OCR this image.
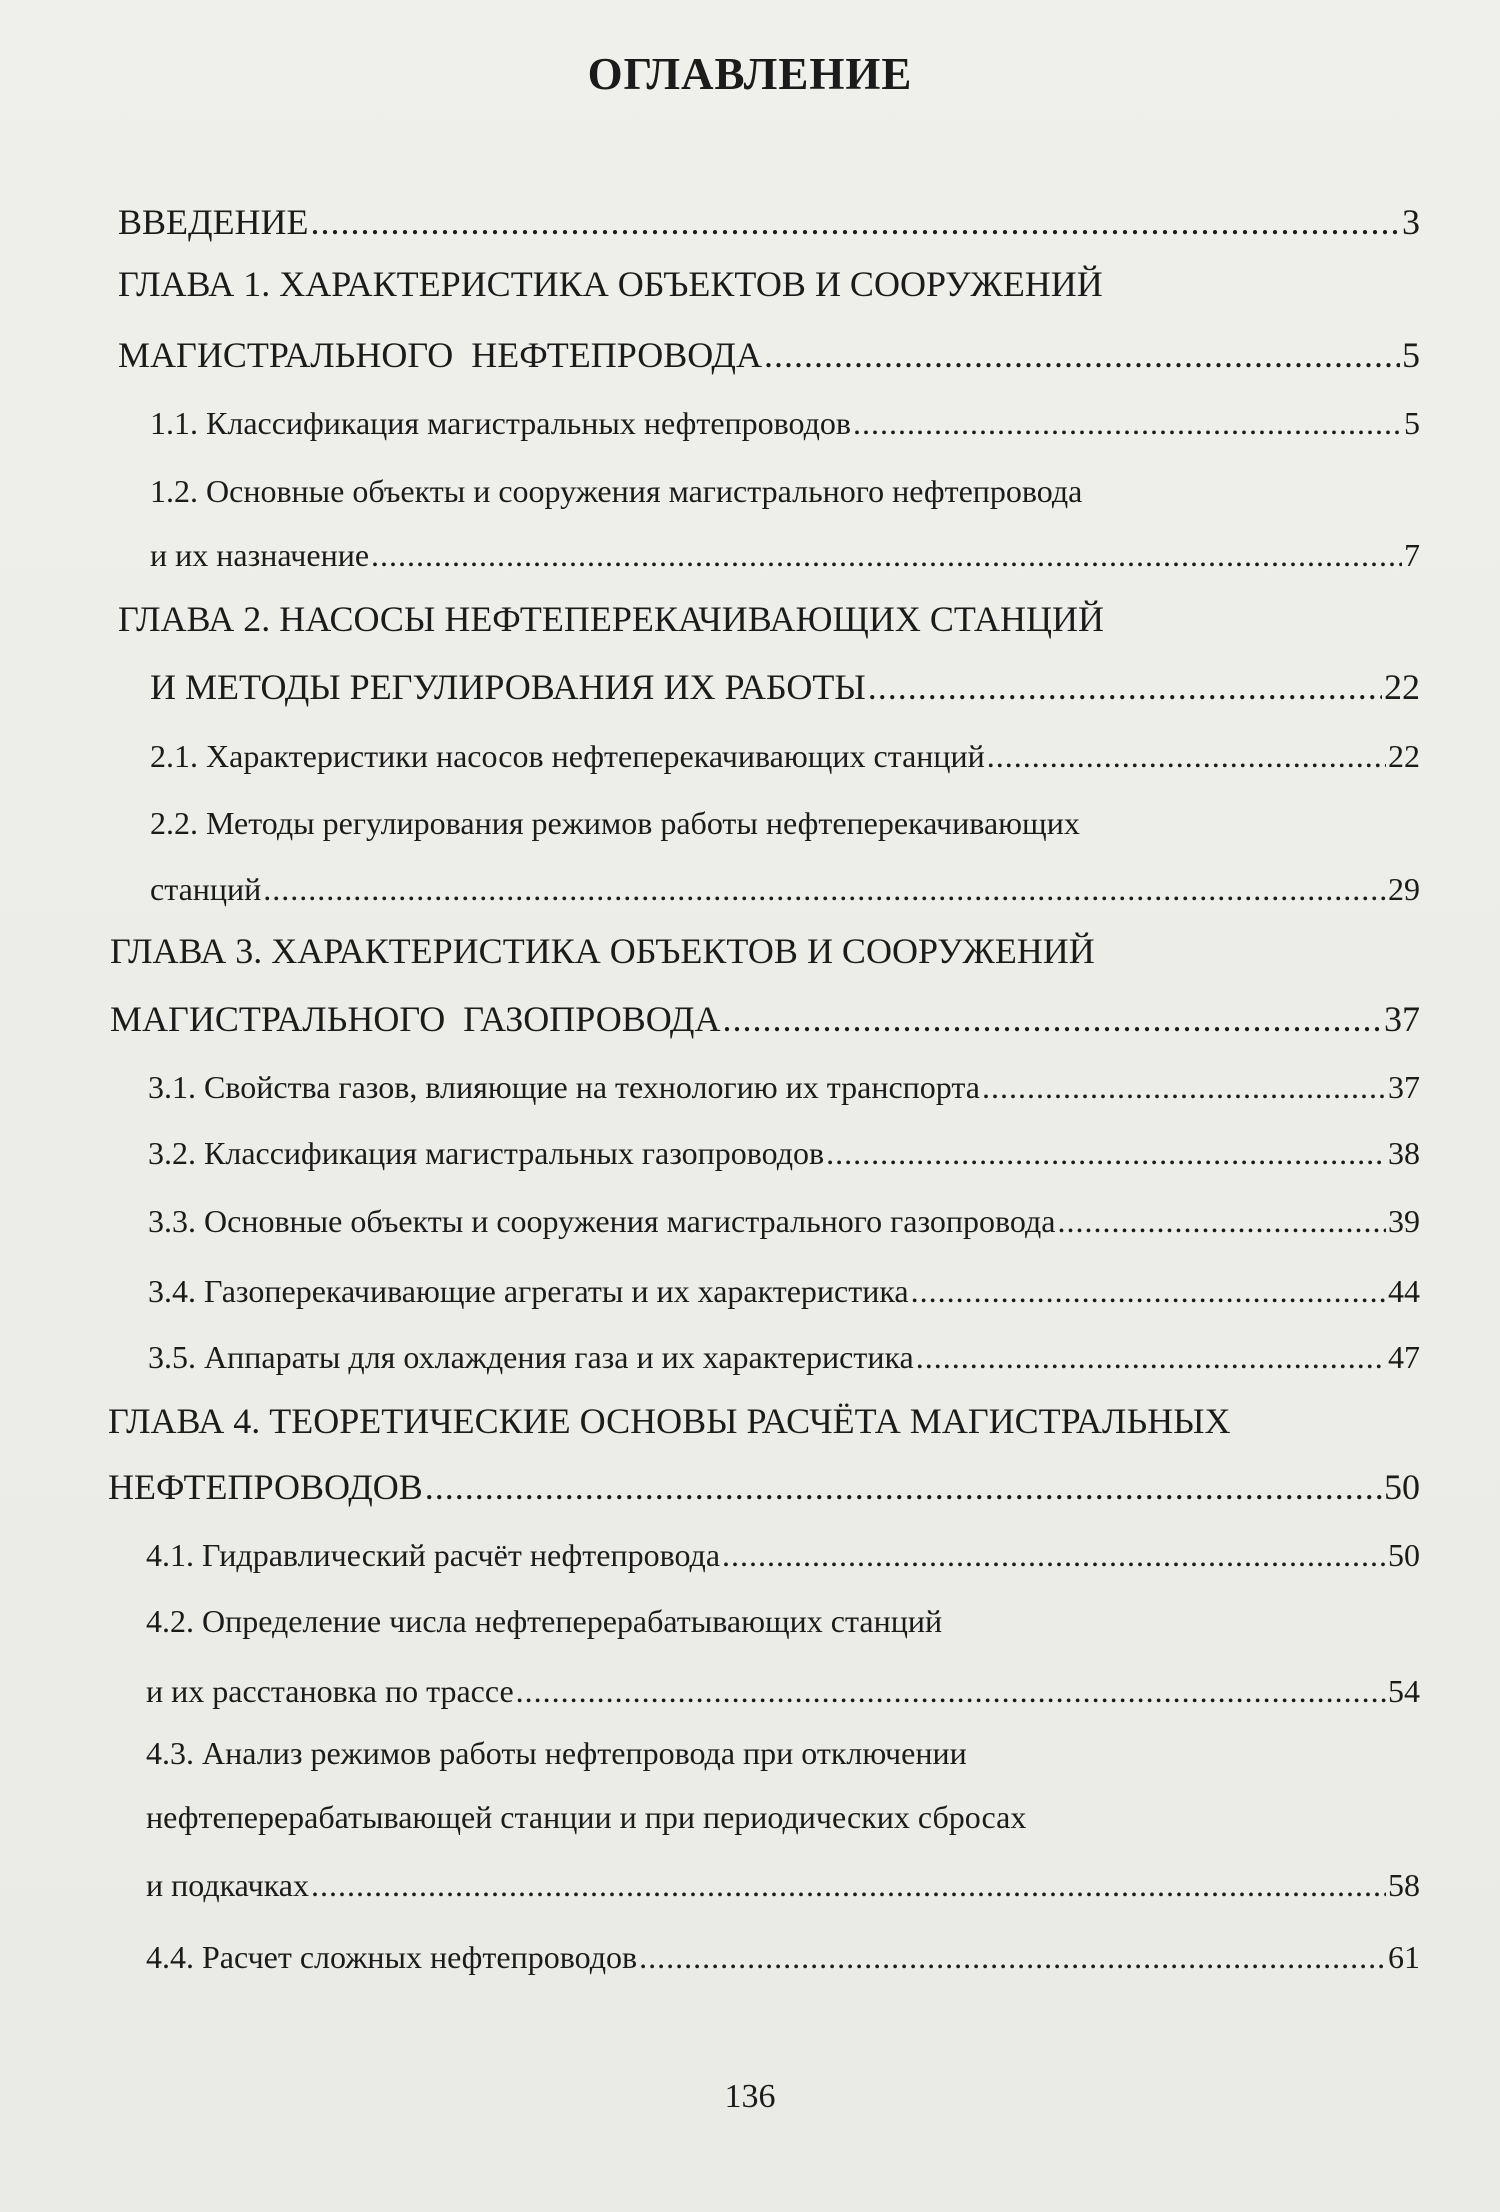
ОГЛАВЛЕНИЕ
ВВЕДЕНИЕ .....	3
ГЛАВА 1. ХАРАКТЕРИСТИКА ОБЪЕКТОВ И СООРУЖЕНИЙ
МАГИСТРАЛЬНОГО  НЕФТЕПРОВОДА .....	5
1.1. Классификация магистральных нефтепроводов .....	5
1.2. Основные объекты и сооружения магистрального нефтепровода
и их назначение .....	7
ГЛАВА 2. НАСОСЫ НЕФТЕПЕРЕКАЧИВАЮЩИХ СТАНЦИЙ
И МЕТОДЫ РЕГУЛИРОВАНИЯ ИХ РАБОТЫ .....	22
2.1. Характеристики насосов нефтеперекачивающих станций .....	22
2.2. Методы регулирования режимов работы нефтеперекачивающих
станций .....	29
ГЛАВА 3. ХАРАКТЕРИСТИКА ОБЪЕКТОВ И СООРУЖЕНИЙ
МАГИСТРАЛЬНОГО  ГАЗОПРОВОДА .....	37
3.1. Свойства газов, влияющие на технологию их транспорта .....	37
3.2. Классификация магистральных газопроводов .....	38
3.3. Основные объекты и сооружения магистрального газопровода .....	39
3.4. Газоперекачивающие агрегаты и их характеристика .....	44
3.5. Аппараты для охлаждения газа и их характеристика .....	47
ГЛАВА 4. ТЕОРЕТИЧЕСКИЕ ОСНОВЫ РАСЧЁТА МАГИСТРАЛЬНЫХ
НЕФТЕПРОВОДОВ .....	50
4.1. Гидравлический расчёт нефтепровода .....	50
4.2. Определение числа нефтеперерабатывающих станций
и их расстановка по трассе .....	54
4.3. Анализ режимов работы нефтепровода при отключении
нефтеперерабатывающей станции и при периодических сбросах
и подкачках .....	58
4.4. Расчет сложных нефтепроводов .....	61
136
